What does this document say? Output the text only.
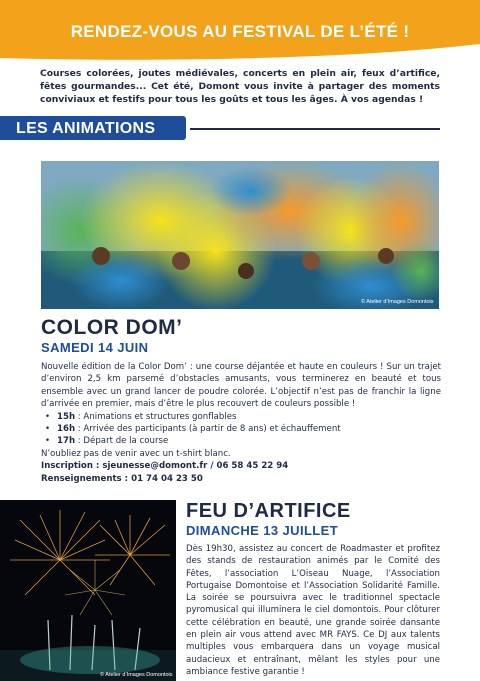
RENDEZ-VOUS AU FESTIVAL DE L’ÉTÉ !
Courses colorées, joutes médiévales, concerts en plein air, feux d’artifice, fêtes gourmandes... Cet été, Domont vous invite à partager des moments conviviaux et festifs pour tous les goûts et tous les âges. À vos agendas !
LES ANIMATIONS
© Atelier d’Images Domontois
COLOR DOM’
SAMEDI 14 JUIN

Nouvelle édition de la Color Dom’ : une course déjantée et haute en couleurs ! Sur un trajet d’environ 2,5 km parsemé d’obstacles amusants, vous terminerez en beauté et tous ensemble avec un grand lancer de poudre colorée. L’objectif n’est pas de franchir la ligne d’arrivée en premier, mais d’être le plus recouvert de couleurs possible !

• 15h : Animations et structures gonflables
• 16h : Arrivée des participants (à partir de 8 ans) et échauffement
• 17h : Départ de la course

N’oubliez pas de venir avec un t-shirt blanc.

Inscription : sjeunesse@domont.fr / 06 58 45 22 94

Renseignements : 01 74 04 23 50

© Atelier d’Images Domontois
FEU D’ARTIFICE
DIMANCHE 13 JUILLET
Dès 19h30, assistez au concert de Roadmaster et profitez des stands de restauration animés par le Comité des Fêtes, l’association L’Oiseau Nuage, l’Association Portugaise Domontoise et l’Association Solidarité Famille. La soirée se poursuivra avec le traditionnel spectacle pyromusical qui illuminera le ciel domontois. Pour clôturer cette célébration en beauté, une grande soirée dansante en plein air vous attend avec MR FAYS. Ce DJ aux talents multiples vous embarquera dans un voyage musical audacieux et entraînant, mêlant les styles pour une ambiance festive garantie !
